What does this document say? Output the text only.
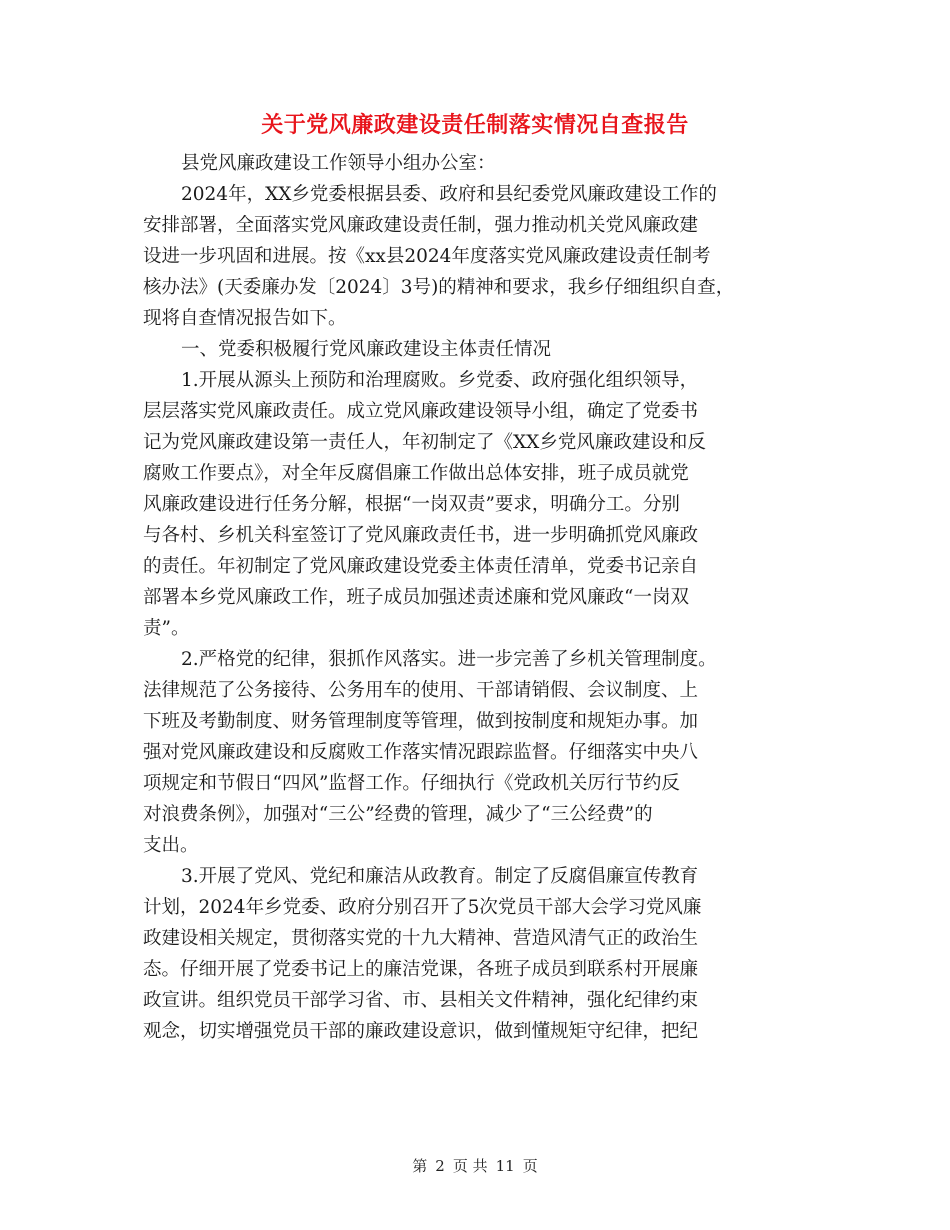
关于党风廉政建设责任制落实情况自查报告
县党风廉政建设工作领导小组办公室：
2024年，XX乡党委根据县委、政府和县纪委党风廉政建设工作的
安排部署，全面落实党风廉政建设责任制，强力推动机关党风廉政建
设进一步巩固和进展。按《xx县2024年度落实党风廉政建设责任制考
核办法》(天委廉办发〔2024〕3号)的精神和要求，我乡仔细组织自查，
现将自查情况报告如下。
一、党委积极履行党风廉政建设主体责任情况
1.开展从源头上预防和治理腐败。乡党委、政府强化组织领导，
层层落实党风廉政责任。成立党风廉政建设领导小组，确定了党委书
记为党风廉政建设第一责任人，年初制定了《XX乡党风廉政建设和反
腐败工作要点》，对全年反腐倡廉工作做出总体安排，班子成员就党
风廉政建设进行任务分解，根据“一岗双责”要求，明确分工。分别
与各村、乡机关科室签订了党风廉政责任书，进一步明确抓党风廉政
的责任。年初制定了党风廉政建设党委主体责任清单，党委书记亲自
部署本乡党风廉政工作，班子成员加强述责述廉和党风廉政“一岗双
责”。
2.严格党的纪律，狠抓作风落实。进一步完善了乡机关管理制度。
法律规范了公务接待、公务用车的使用、干部请销假、会议制度、上
下班及考勤制度、财务管理制度等管理，做到按制度和规矩办事。加
强对党风廉政建设和反腐败工作落实情况跟踪监督。仔细落实中央八
项规定和节假日“四风”监督工作。仔细执行《党政机关厉行节约反
对浪费条例》，加强对“三公”经费的管理，减少了“三公经费”的
支出。
3.开展了党风、党纪和廉洁从政教育。制定了反腐倡廉宣传教育
计划，2024年乡党委、政府分别召开了5次党员干部大会学习党风廉
政建设相关规定，贯彻落实党的十九大精神、营造风清气正的政治生
态。仔细开展了党委书记上的廉洁党课，各班子成员到联系村开展廉
政宣讲。组织党员干部学习省、市、县相关文件精神，强化纪律约束
观念，切实增强党员干部的廉政建设意识，做到懂规矩守纪律，把纪
第 2 页 共 11 页
